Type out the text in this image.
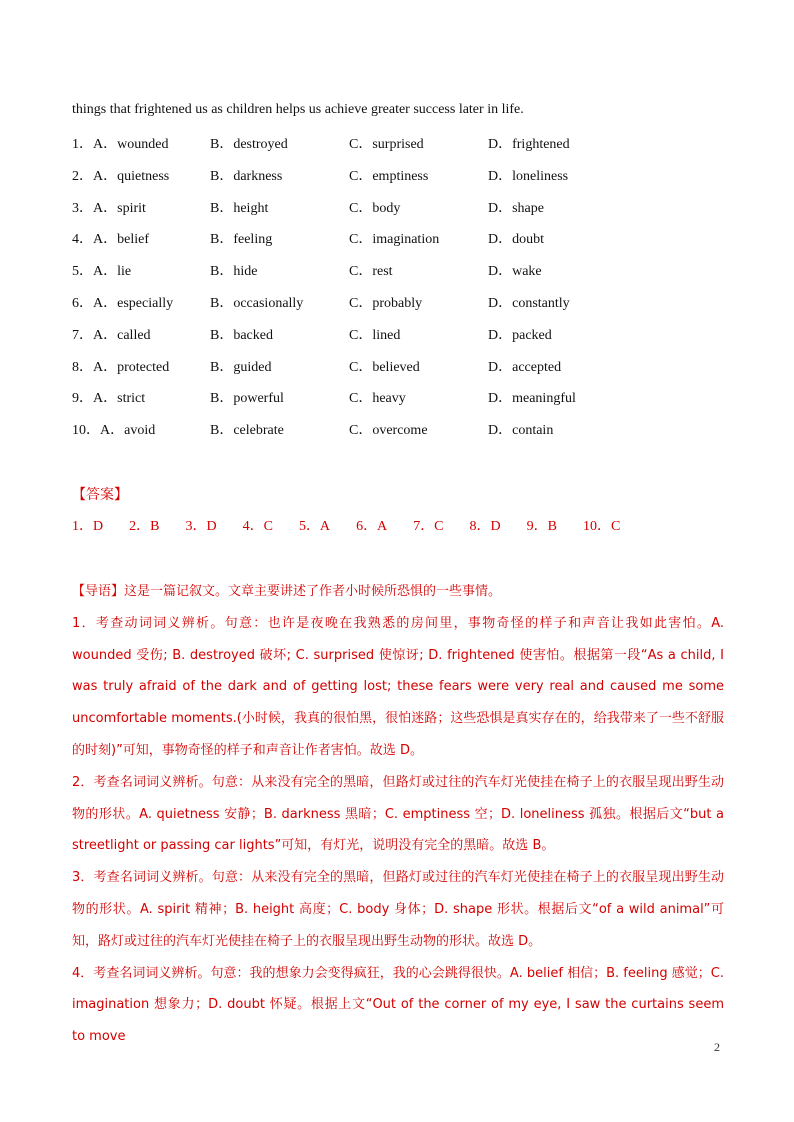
things that frightened us as children helps us achieve greater success later in life.
1．A．wounded	B．destroyed	C．surprised	D．frightened
2．A．quietness	B．darkness	C．emptiness	D．loneliness
3．A．spirit	B．height	C．body	D．shape
4．A．belief	B．feeling	C．imagination	D．doubt
5．A．lie	B．hide	C．rest	D．wake
6．A．especially	B．occasionally	C．probably	D．constantly
7．A．called	B．backed	C．lined	D．packed
8．A．protected	B．guided	C．believed	D．accepted
9．A．strict	B．powerful	C．heavy	D．meaningful
10．A．avoid	B．celebrate	C．overcome	D．contain
【答案】
1．D 2．B 3．D 4．C 5．A 6．A 7．C 8．D 9．B 10．C

【导语】这是一篇记叙文。文章主要讲述了作者小时候所恐惧的一些事情。

1．考查动词词义辨析。句意：也许是夜晚在我熟悉的房间里，事物奇怪的样子和声音让我如此害怕。A. wounded 受伤; B. destroyed 破坏; C. surprised 使惊讶; D. frightened 使害怕。根据第一段“As a child, I was truly afraid of the dark and of getting lost; these fears were very real and caused me some uncomfortable moments.(小时候，我真的很怕黑，很怕迷路；这些恐惧是真实存在的，给我带来了一些不舒服的时刻)”可知，事物奇怪的样子和声音让作者害怕。故选 D。

2．考查名词词义辨析。句意：从来没有完全的黑暗，但路灯或过往的汽车灯光使挂在椅子上的衣服呈现出野生动物的形状。A. quietness 安静；B. darkness 黑暗；C. emptiness 空；D. loneliness 孤独。根据后文“but a streetlight or passing car lights”可知，有灯光，说明没有完全的黑暗。故选 B。

3．考查名词词义辨析。句意：从来没有完全的黑暗，但路灯或过往的汽车灯光使挂在椅子上的衣服呈现出野生动物的形状。A. spirit 精神；B. height 高度；C. body 身体；D. shape 形状。根据后文“of a wild animal”可知，路灯或过往的汽车灯光使挂在椅子上的衣服呈现出野生动物的形状。故选 D。

4．考查名词词义辨析。句意：我的想象力会变得疯狂，我的心会跳得很快。A. belief 相信；B. feeling 感觉；C. imagination 想象力；D. doubt 怀疑。根据上文“Out of the corner of my eye, I saw the curtains seem to move

2
